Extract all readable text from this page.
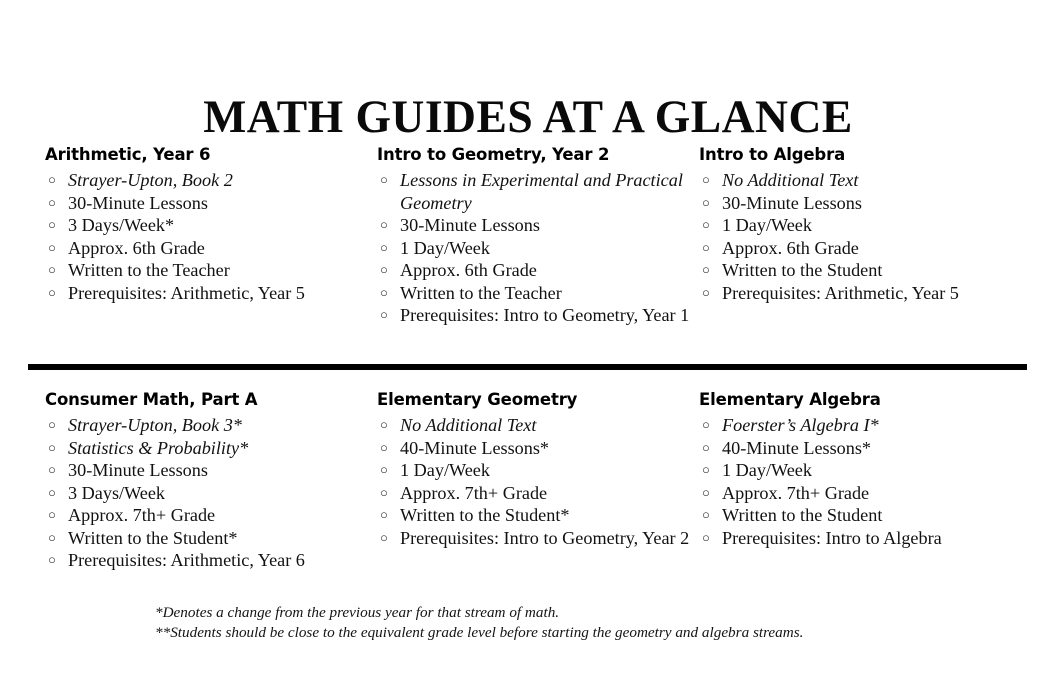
MATH GUIDES AT A GLANCE
Arithmetic, Year 6
○ Strayer-Upton, Book 2
○ 30-Minute Lessons
○ 3 Days/Week*
○ Approx. 6th Grade
○ Written to the Teacher
○ Prerequisites: Arithmetic, Year 5
Intro to Geometry, Year 2
○ Lessons in Experimental and Practical Geometry
○ 30-Minute Lessons
○ 1 Day/Week
○ Approx. 6th Grade
○ Written to the Teacher
○ Prerequisites: Intro to Geometry, Year 1
Intro to Algebra
○ No Additional Text
○ 30-Minute Lessons
○ 1 Day/Week
○ Approx. 6th Grade
○ Written to the Student
○ Prerequisites: Arithmetic, Year 5
Consumer Math, Part A
○ Strayer-Upton, Book 3*
○ Statistics & Probability*
○ 30-Minute Lessons
○ 3 Days/Week
○ Approx. 7th+ Grade
○ Written to the Student*
○ Prerequisites: Arithmetic, Year 6
Elementary Geometry
○ No Additional Text
○ 40-Minute Lessons*
○ 1 Day/Week
○ Approx. 7th+ Grade
○ Written to the Student*
○ Prerequisites: Intro to Geometry, Year 2
Elementary Algebra
○ Foerster’s Algebra I*
○ 40-Minute Lessons*
○ 1 Day/Week
○ Approx. 7th+ Grade
○ Written to the Student
○ Prerequisites: Intro to Algebra

*Denotes a change from the previous year for that stream of math.

**Students should be close to the equivalent grade level before starting the geometry and algebra streams.
